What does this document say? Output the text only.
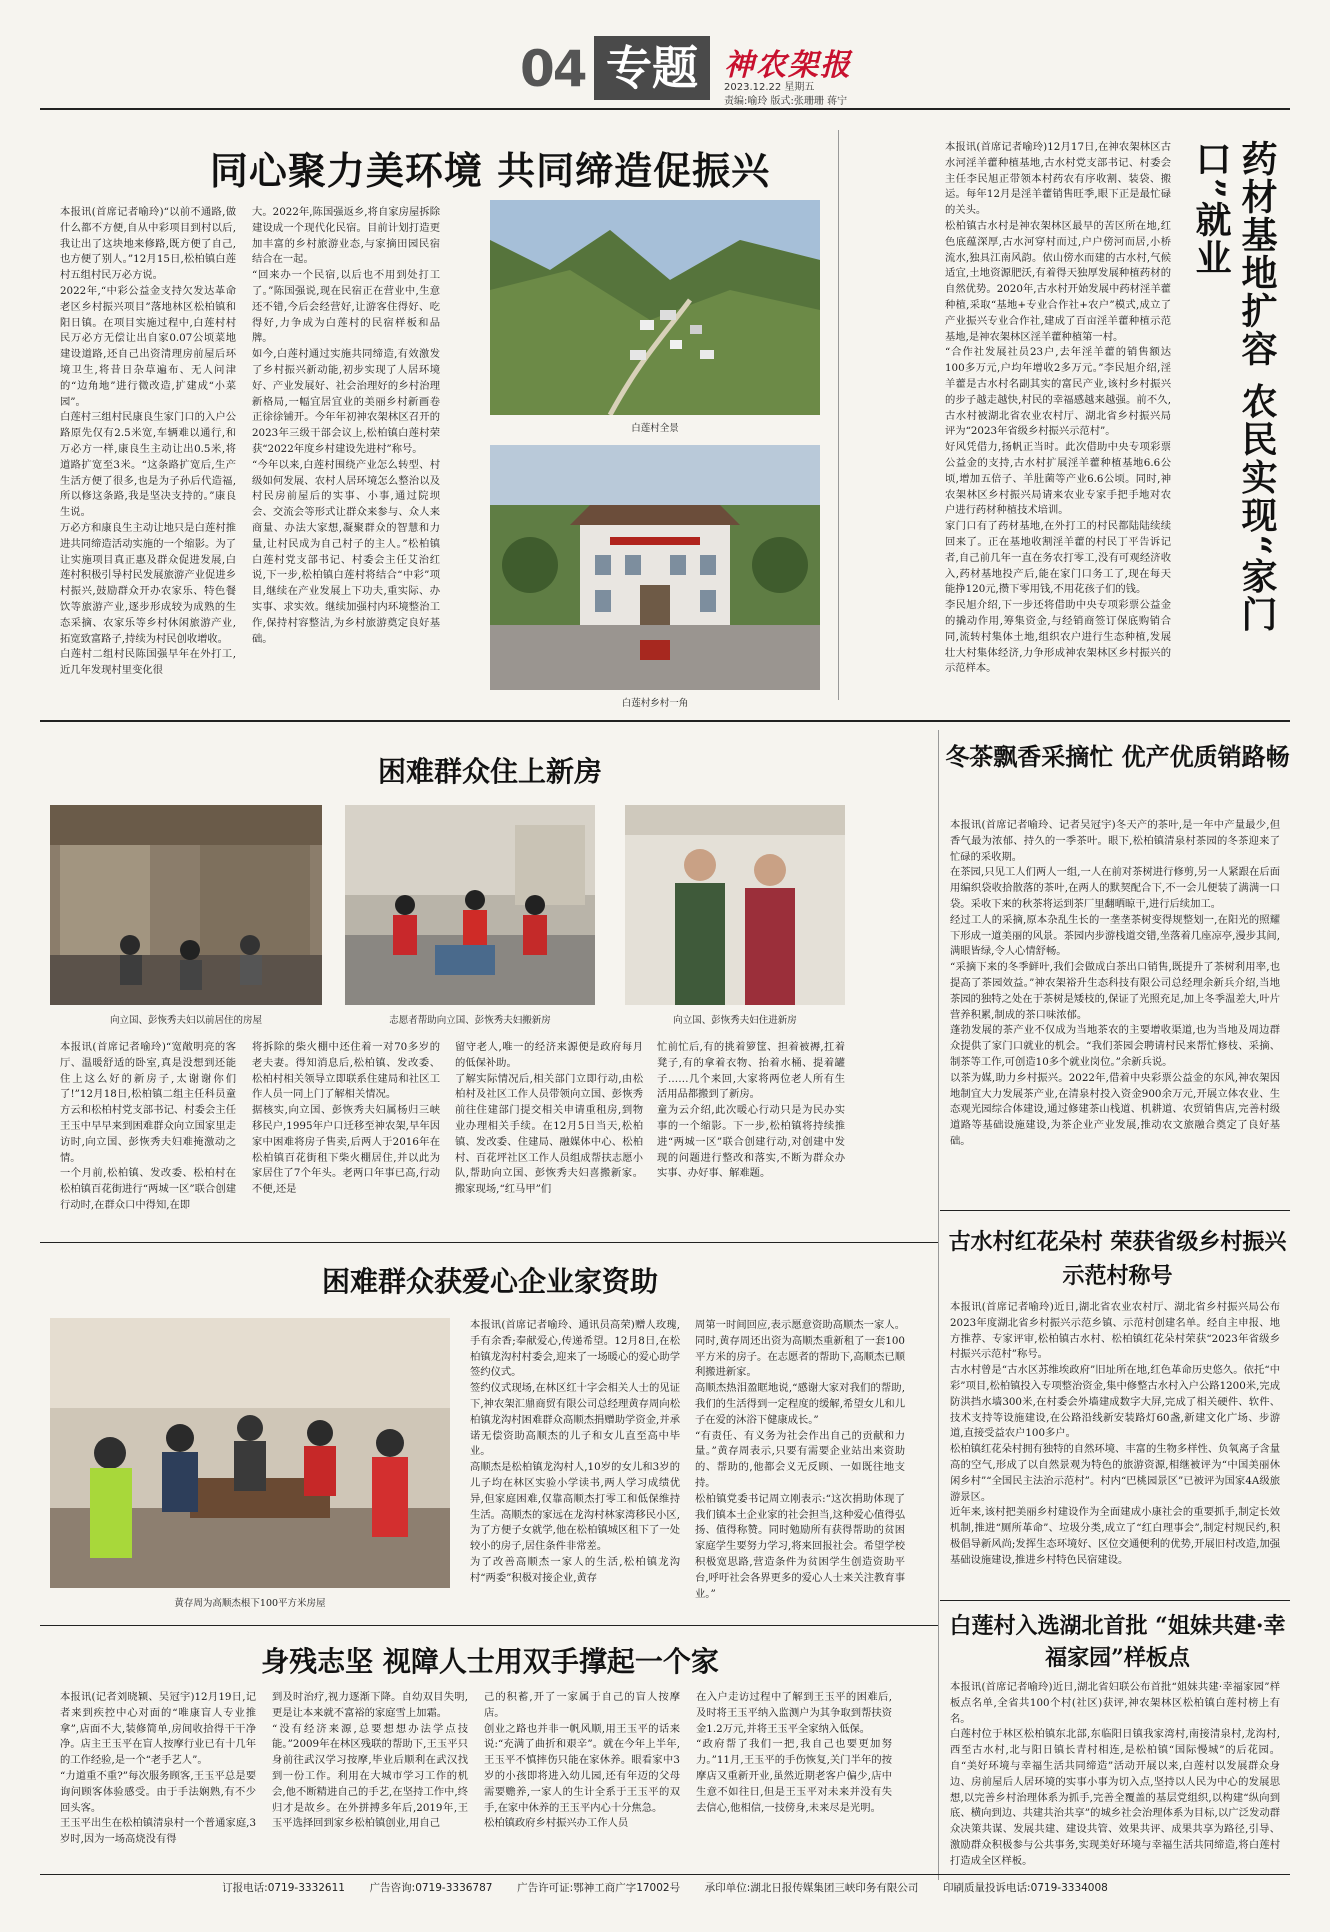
04 专题 神农架报
2023.12.22 星期五
责编:喻玲 版式:张珊珊 蒋宁
同心聚力美环境 共同缔造促振兴
本报讯(首席记者喻玲)“以前不通路,做什么都不方便,自从中彩项目到村以后,我让出了这块地来修路,既方便了自己,也方便了别人。”12月15日,松柏镇白莲村五组村民万必方说。
2022年,“中彩公益金支持欠发达革命老区乡村振兴项目”落地林区松柏镇和阳日镇。在项目实施过程中,白莲村村民万必方无偿让出自家0.07公顷菜地建设道路,还自己出资清理房前屋后环境卫生,将昔日杂草遍布、无人问津的“边角地”进行微改造,扩建成“小菜园”。
白莲村三组村民康良生家门口的入户公路原先仅有2.5米宽,车辆难以通行,和万必方一样,康良生主动让出0.5米,将道路扩宽至3米。“这条路扩宽后,生产生活方便了很多,也是为子孙后代造福,所以修这条路,我是坚决支持的。”康良生说。
万必方和康良生主动让地只是白莲村推进共同缔造活动实施的一个缩影。为了让实施项目真正惠及群众促进发展,白莲村积极引导村民发展旅游产业促进乡村振兴,鼓励群众开办农家乐、特色餐饮等旅游产业,逐步形成较为成熟的生态采摘、农家乐等乡村休闲旅游产业,拓宽致富路子,持续为村民创收增收。
白莲村二组村民陈国强早年在外打工,近几年发现村里变化很
大。2022年,陈国强返乡,将自家房屋拆除建设成一个现代化民宿。目前计划打造更加丰富的乡村旅游业态,与家摘田园民宿结合在一起。
“回来办一个民宿,以后也不用到处打工了。”陈国强说,现在民宿正在营业中,生意还不错,今后会经营好,让游客住得好、吃得好,力争成为白莲村的民宿样板和品牌。
如今,白莲村通过实施共同缔造,有效激发了乡村振兴新动能,初步实现了人居环境好、产业发展好、社会治理好的乡村治理新格局,一幅宜居宜业的美丽乡村新画卷正徐徐铺开。今年年初神农架林区召开的2023年三级干部会议上,松柏镇白莲村荣获“2022年度乡村建设先进村”称号。
“今年以来,白莲村围绕产业怎么转型、村级如何发展、农村人居环境怎么整治以及村民房前屋后的实事、小事,通过院坝会、交流会等形式让群众来参与、众人来商量、办法大家想,凝聚群众的智慧和力量,让村民成为自己村子的主人。”松柏镇白莲村党支部书记、村委会主任艾治红说,下一步,松柏镇白莲村将结合“中彩”项目,继续在产业发展上下功夫,重实际、办实事、求实效。继续加强村内环境整治工作,保持村容整洁,为乡村旅游奠定良好基础。
白莲村全景
白莲村乡村一角
本报讯(首席记者喻玲)12月17日,在神农架林区古水河淫羊藿种植基地,古水村党支部书记、村委会主任李民旭正带领本村药农有序收割、装袋、搬运。每年12月是淫羊藿销售旺季,眼下正是最忙碌的关头。
松柏镇古水村是神农架林区最早的苦区所在地,红色底蕴深厚,古水河穿村而过,户户傍河而居,小桥流水,独具江南风韵。依山傍水而建的古水村,气候适宜,土地资源肥沃,有着得天独厚发展种植药材的自然优势。2020年,古水村开始发展中药材淫羊藿种植,采取“基地+专业合作社+农户”模式,成立了产业振兴专业合作社,建成了百亩淫羊藿种植示范基地,是神农架林区淫羊藿种植第一村。
“合作社发展社员23户,去年淫羊藿的销售额达100多万元,户均年增收2多万元。”李民旭介绍,淫羊藿是古水村名副其实的富民产业,该村乡村振兴的步子越走越快,村民的幸福感越来越强。前不久,古水村被湖北省农业农村厅、湖北省乡村振兴局评为“2023年省级乡村振兴示范村”。
好风凭借力,扬帆正当时。此次借助中央专项彩票公益金的支持,古水村扩展淫羊藿种植基地6.6公顷,增加五倍子、羊肚菌等产业6.6公顷。同时,神农架林区乡村振兴局请来农业专家手把手地对农户进行药材种植技术培训。
家门口有了药材基地,在外打工的村民都陆陆续续回来了。正在基地收割淫羊藿的村民丁平告诉记者,自己前几年一直在务农打零工,没有可观经济收入,药材基地投产后,能在家门口务工了,现在每天能挣120元,攒下零用钱,不用花孩子们的钱。
李民旭介绍,下一步还将借助中央专项彩票公益金的撬动作用,筹集资金,与经销商签订保底购销合同,流转村集体土地,组织农户进行生态种植,发展壮大村集体经济,力争形成神农架林区乡村振兴的示范样本。
药材基地扩容 农民实现“家门口”就业
困难群众住上新房
向立国、彭恢秀夫妇以前居住的房屋	志愿者帮助向立国、彭恢秀夫妇搬新房	向立国、彭恢秀夫妇住进新房
本报讯(首席记者喻玲)“宽敞明亮的客厅、温暖舒适的卧室,真是没想到还能住上这么好的新房子,太谢谢你们了!”12月18日,松柏镇二组主任科员童方云和松柏村党支部书记、村委会主任王玉中早早来到困难群众向立国家里走访时,向立国、彭恢秀夫妇难掩激动之情。
一个月前,松柏镇、发改委、松柏村在松柏镇百花街进行“两城一区”联合创建行动时,在群众口中得知,在即
将拆除的柴火棚中还住着一对70多岁的老夫妻。得知消息后,松柏镇、发改委、松柏村相关领导立即联系住建局和社区工作人员一同上门了解相关情况。
据核实,向立国、彭恢秀夫妇属杨归三峡移民户,1995年户口迁移至神农架,早年因家中困难将房子售卖,后两人于2016年在松柏镇百花街租下柴火棚居住,并以此为家居住了7个年头。老两口年事已高,行动不便,还是
留守老人,唯一的经济来源便是政府每月的低保补助。
了解实际情况后,相关部门立即行动,由松柏村及社区工作人员带领向立国、彭恢秀前往住建部门提交相关申请重租房,到物业办理相关手续。在12月5日当天,松柏镇、发改委、住建局、融媒体中心、松柏村、百花坪社区工作人员组成帮扶志愿小队,帮助向立国、彭恢秀夫妇喜搬新家。搬家现场,“红马甲”们
忙前忙后,有的挑着箩筐、担着被褥,扛着凳子,有的拿着衣物、抬着水桶、提着罐子……几个来回,大家将两位老人所有生活用品都搬到了新房。
童为云介绍,此次暖心行动只是为民办实事的一个缩影。下一步,松柏镇将持续推进“两城一区”联合创建行动,对创建中发现的问题进行整改和落实,不断为群众办实事、办好事、解难题。
冬茶飘香采摘忙 优产优质销路畅
本报讯(首席记者喻玲、记者吴冠宇)冬天产的茶叶,是一年中产量最少,但香气最为浓郁、持久的一季茶叶。眼下,松柏镇清泉村茶园的冬茶迎来了忙碌的采收期。
在茶园,只见工人们两人一组,一人在前对茶树进行修剪,另一人紧跟在后面用编织袋收拾散落的茶叶,在两人的默契配合下,不一会儿便装了满满一口袋。采收下来的秋茶将运到茶厂里翻晒晾干,进行后续加工。
经过工人的采摘,原本杂乱生长的一垄垄茶树变得规整划一,在阳光的照耀下形成一道美丽的风景。茶园内步游栈道交错,坐落着几座凉亭,漫步其间,满眼皆绿,令人心情舒畅。
“采摘下来的冬季鲜叶,我们会做成白茶出口销售,既提升了茶树利用率,也提高了茶园效益。”神农架裕升生态科技有限公司总经理余新兵介绍,当地茶园的独特之处在于茶树是矮枝的,保证了光照充足,加上冬季温差大,叶片营养积累,制成的茶口味浓郁。
蓬勃发展的茶产业不仅成为当地茶农的主要增收渠道,也为当地及周边群众提供了家门口就业的机会。“我们茶园会聘请村民来帮忙修枝、采摘、制茶等工作,可创造10多个就业岗位。”余新兵说。
以茶为媒,助力乡村振兴。2022年,借着中央彩票公益金的东风,神农架因地制宜大力发展茶产业,在清泉村投入资金900余万元,开展立体农业、生态观光园综合体建设,通过修建茶山栈道、机耕道、农贸销售店,完善村级道路等基础设施建设,为茶企业产业发展,推动农文旅融合奠定了良好基础。
古水村红花朵村 荣获省级乡村振兴示范村称号
本报讯(首席记者喻玲)近日,湖北省农业农村厅、湖北省乡村振兴局公布2023年度湖北省乡村振兴示范乡镇、示范村创建名单。经自主申报、地方推荐、专家评审,松柏镇古水村、松柏镇红花朵村荣获“2023年省级乡村振兴示范村”称号。
古水村曾是“古水区苏维埃政府”旧址所在地,红色革命历史悠久。依托“中彩”项目,松柏镇投入专项整治资金,集中修整古水村入户公路1200米,完成防洪挡水墙300米,在村委会外墙建成数字大屏,完成了相关硬件、软件、技术支持等设施建设,在公路沿线新安装路灯60盏,新建文化广场、步游道,直接受益农户100多户。
松柏镇红花朵村拥有独特的自然环境、丰富的生物多样性、负氧离子含量高的空气,形成了以自然景观为特色的旅游资源,相继被评为“中国美丽休闲乡村”“全国民主法治示范村”。村内“巴桃园景区”已被评为国家4A级旅游景区。
近年来,该村把美丽乡村建设作为全面建成小康社会的重要抓手,制定长效机制,推进“厕所革命”、垃圾分类,成立了“红白理事会”,制定村规民约,积极倡导新风尚;发挥生态环境好、区位交通便利的优势,开展旧村改造,加强基础设施建设,推进乡村特色民宿建设。
白莲村入选湖北首批 “姐妹共建·幸福家园”样板点
本报讯(首席记者喻玲)近日,湖北省妇联公布首批“姐妹共建·幸福家园”样板点名单,全省共100个村(社区)获评,神农架林区松柏镇白莲村榜上有名。
白莲村位于林区松柏镇东北部,东临阳日镇我家湾村,南接清泉村,龙沟村,西至古水村,北与阳日镇长青村相连,是松柏镇“国际慢城”的后花园。自“美好环境与幸福生活共同缔造”活动开展以来,白莲村以发展群众身边、房前屋后人居环境的实事小事为切入点,坚持以人民为中心的发展思想,以完善乡村治理体系为抓手,完善全覆盖的基层党组织,以构建“纵向到底、横向到边、共建共治共享”的城乡社会治理体系为目标,以广泛发动群众决策共谋、发展共建、建设共管、效果共评、成果共享为路径,引导、激励群众积极参与公共事务,实现美好环境与幸福生活共同缔造,将白莲村打造成全区样板。
困难群众获爱心企业家资助
黄存周为高顺杰根下100平方米房屋
本报讯(首席记者喻玲、通讯员高荣)赠人玫瑰,手有余香;奉献爱心,传递希望。12月8日,在松柏镇龙沟村村委会,迎来了一场暖心的爱心助学签约仪式。
签约仪式现场,在林区红十字会相关人士的见证下,神农架汇鼎商贸有限公司总经理黄存周向松柏镇龙沟村困难群众高顺杰捐赠助学资金,并承诺无偿资助高顺杰的儿子和女儿直至高中毕业。
高顺杰是松柏镇龙沟村人,10岁的女儿和3岁的儿子均在林区实验小学读书,两人学习成绩优异,但家庭困难,仅靠高顺杰打零工和低保维持生活。高顺杰的家远在龙沟村林家湾移民小区,为了方便子女就学,他在松柏镇城区租下了一处较小的房子,居住条件非常差。
为了改善高顺杰一家人的生活,松柏镇龙沟村“两委”积极对接企业,黄存
周第一时间回应,表示愿意资助高顺杰一家人。同时,黄存周还出资为高顺杰重新租了一套100平方米的房子。在志愿者的帮助下,高顺杰已顺利搬进新家。
高顺杰热泪盈眶地说,“感谢大家对我们的帮助,我们的生活得到一定程度的缓解,希望女儿和儿子在爱的沐浴下健康成长。”
“有责任、有义务为社会作出自己的贡献和力量。”黄存周表示,只要有需要企业站出来资助的、帮助的,他都会义无反顾、一如既往地支持。
松柏镇党委书记周立刚表示:“这次捐助体现了我们镇本土企业家的社会担当,这种爱心值得弘扬、值得称赞。同时勉励所有获得帮助的贫困家庭学生要努力学习,将来回报社会。希望学校积极宽思路,营造条件为贫困学生创造资助平台,呼吁社会各界更多的爱心人士来关注教育事业。”
身残志坚 视障人士用双手撑起一个家
本报讯(记者刘晓颖、吴冠宇)12月19日,记者来到疾控中心对面的“唯康盲人专业推拿”,店面不大,装修简单,房间收拾得干干净净。店主王玉平在盲人按摩行业已有十几年的工作经验,是一个“老手艺人”。
“力道重不重?”每次服务顾客,王玉平总是要询问顾客体验感受。由于手法娴熟,有不少回头客。
王玉平出生在松柏镇清泉村一个普通家庭,3岁时,因为一场高烧没有得
到及时治疗,视力逐渐下降。自幼双目失明,更是让本来就不富裕的家庭雪上加霜。
“没有经济来源,总要想想办法学点技能。”2009年在林区残联的帮助下,王玉平只身前往武汉学习按摩,毕业后顺利在武汉找到一份工作。利用在大城市学习工作的机会,他不断精进自己的手艺,在坚持工作中,终归才是故乡。在外拼搏多年后,2019年,王玉平选择回到家乡松柏镇创业,用自己
己的积蓄,开了一家属于自己的盲人按摩店。
创业之路也并非一帆风顺,用王玉平的话来说:“充满了曲折和艰辛”。就在今年上半年,王玉平不慎摔伤只能在家休养。眼看家中3岁的小孩即将进入幼儿园,还有年迈的父母需要赡养,一家人的生计全系于王玉平的双手,在家中休养的王玉平内心十分焦急。
松柏镇政府乡村振兴办工作人员
在入户走访过程中了解到王玉平的困难后,及时将王玉平纳入监测户为其争取到帮扶资金1.2万元,并将王玉平全家纳入低保。
“政府帮了我们一把,我自己也要更加努力。”11月,王玉平的手伤恢复,关门半年的按摩店又重新开业,虽然近期老客户偏少,店中生意不如往日,但是王玉平对未来并没有失去信心,他相信,一技傍身,未来尽是光明。
订报电话:0719-3332611 广告咨询:0719-3336787 广告许可证:鄂神工商广字17002号 承印单位:湖北日报传媒集团三峡印务有限公司 印刷质量投诉电话:0719-3334008
